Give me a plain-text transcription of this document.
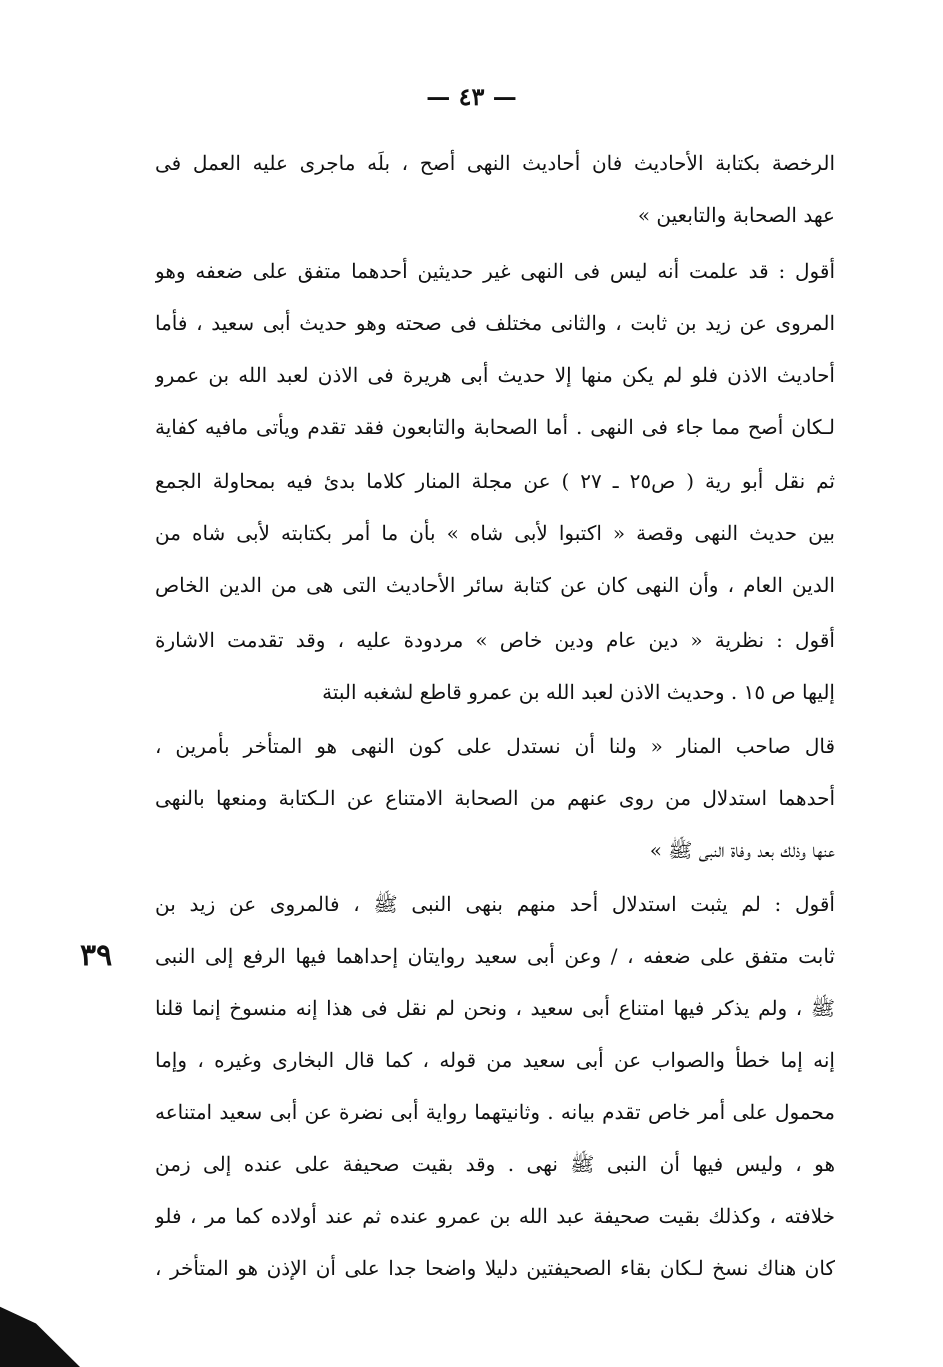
— ٤٣ —
٣٩
الرخصة بكتابة الأحاديث فان أحاديث النهى أصح ، بلَه ماجرى عليه العمل فى
عهد الصحابة والتابعين »
أقول : قد علمت أنه ليس فى النهى غير حديثين أحدهما متفق على ضعفه وهو
المروى عن زيد بن ثابت ، والثانى مختلف فى صحته وهو حديث أبى سعيد ، فأما
أحاديث الاذن فلو لم يكن منها إلا حديث أبى هريرة فى الاذن لعبد الله بن عمرو
لـكان أصح مما جاء فى النهى . أما الصحابة والتابعون فقد تقدم ويأتى مافيه كفاية
ثم نقل أبو رية ( ص٢٥ ـ ٢٧ ) عن مجلة المنار كلاما بدئ فيه بمحاولة الجمع
بين حديث النهى وقصة « اكتبوا لأبى شاه » بأن ما أمر بكتابته لأبى شاه من
الدين العام ، وأن النهى كان عن كتابة سائر الأحاديث التى هى من الدين الخاص
أقول : نظرية « دين عام ودين خاص » مردودة عليه ، وقد تقدمت الاشارة
إليها ص ١٥ . وحديث الاذن لعبد الله بن عمرو قاطع لشغبه البتة
قال صاحب المنار « ولنا أن نستدل على كون النهى هو المتأخر بأمرين ،
أحدهما استدلال من روى عنهم من الصحابة الامتناع عن الـكتابة ومنعها بالنهى
عنها وذلك بعد وفاة النبى ﷺ »
أقول : لم يثبت استدلال أحد منهم بنهى النبى ﷺ ، فالمروى عن زيد بن
ثابت متفق على ضعفه ، / وعن أبى سعيد روايتان إحداهما فيها الرفع إلى النبى
ﷺ ، ولم يذكر فيها امتناع أبى سعيد ، ونحن لم نقل فى هذا إنه منسوخ إنما قلنا
إنه إما خطأ والصواب عن أبى سعيد من قوله ، كما قال البخارى وغيره ، وإما
محمول على أمر خاص تقدم بيانه . وثانيتهما رواية أبى نضرة عن أبى سعيد امتناعه
هو ، وليس فيها أن النبى ﷺ نهى . وقد بقيت صحيفة على عنده إلى زمن
خلافته ، وكذلك بقيت صحيفة عبد الله بن عمرو عنده ثم عند أولاده كما مر ، فلو
كان هناك نسخ لـكان بقاء الصحيفتين دليلا واضحا جدا على أن الإذن هو المتأخر ،
